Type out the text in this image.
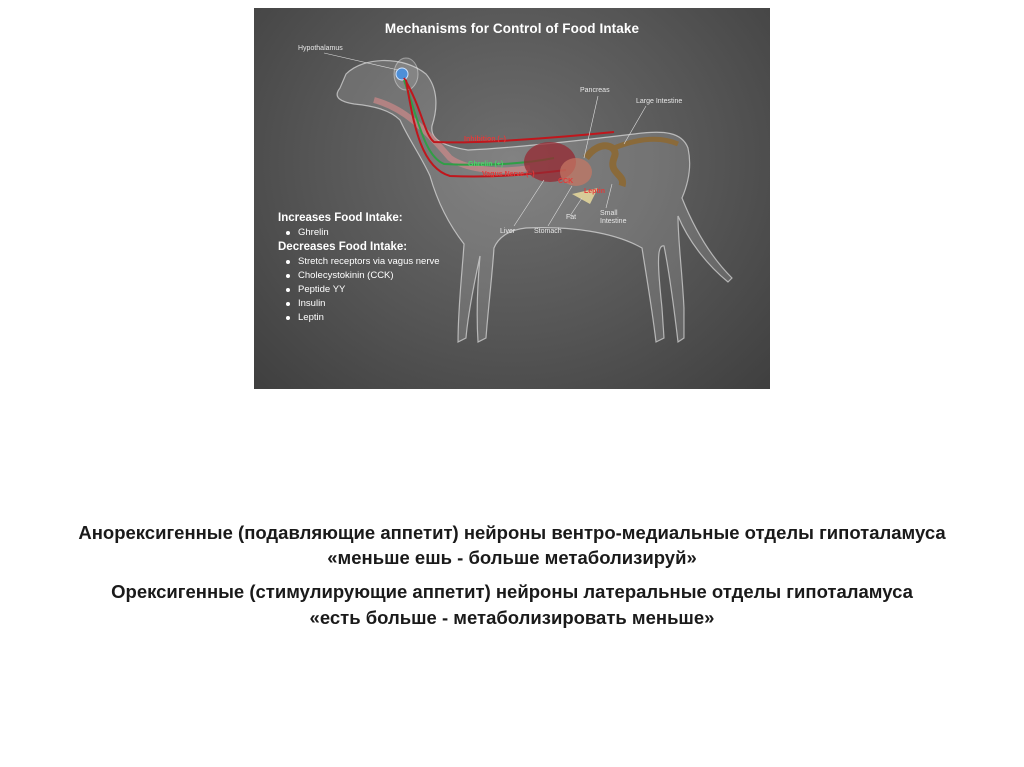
Mechanisms for Control of Food Intake
Hypothalamus
Pancreas
Large Intestine
Liver	Stomach
Fat
Small Intestine
Inhibition (–)
Ghrelin (+)
Vagus Nerve (–)
CCK
Leptin
Increases Food Intake:
Ghrelin
Decreases Food Intake:
Stretch receptors via vagus nerve
Cholecystokinin (CCK)
Peptide YY
Insulin
Leptin
Анорексигенные (подавляющие аппетит) нейроны вентро-медиальные отделы гипоталамуса
«меньше ешь - больше метаболизируй»
Орексигенные (стимулирующие аппетит) нейроны латеральные отделы гипоталамуса
«есть больше - метаболизировать меньше»
